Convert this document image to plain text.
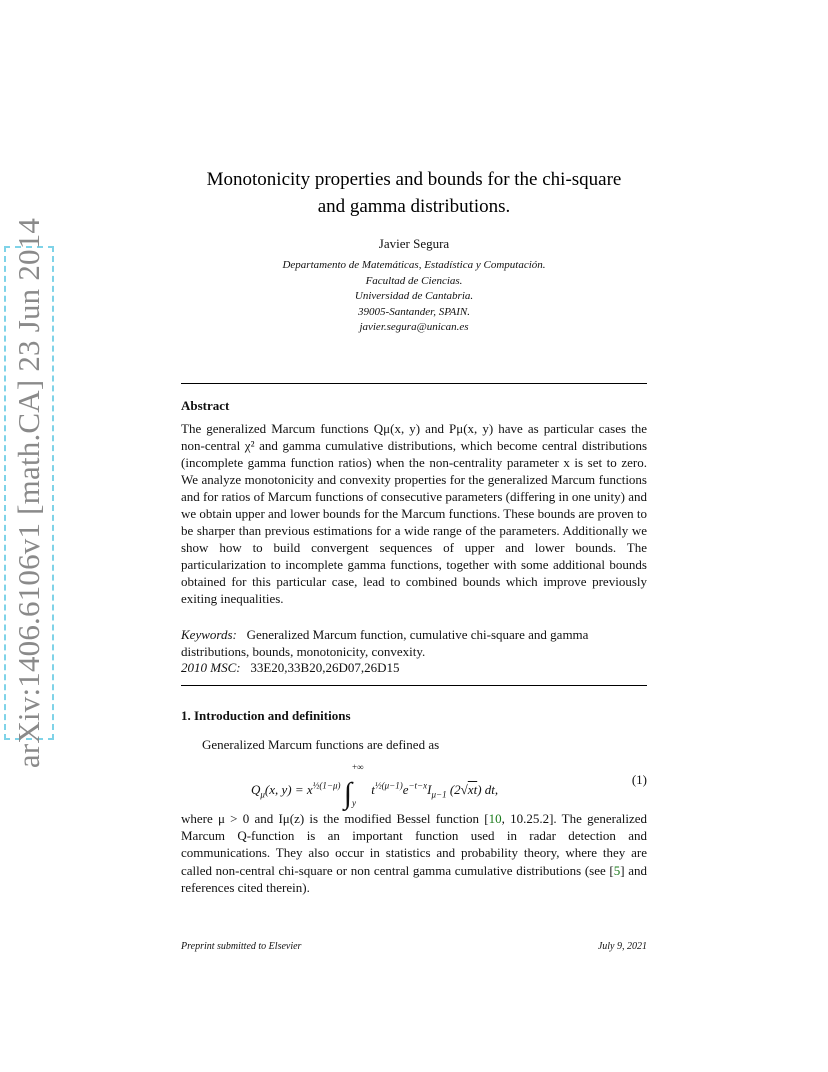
arXiv:1406.6106v1 [math.CA] 23 Jun 2014
Monotonicity properties and bounds for the chi-square
and gamma distributions.
Javier Segura
Departamento de Matemáticas, Estadística y Computación.
Facultad de Ciencias.
Universidad de Cantabria.
39005-Santander, SPAIN.
javier.segura@unican.es
Abstract
The generalized Marcum functions Qμ(x, y) and Pμ(x, y) have as particular cases the non-central χ² and gamma cumulative distributions, which become central distributions (incomplete gamma function ratios) when the non-centrality parameter x is set to zero. We analyze monotonicity and convexity properties for the generalized Marcum functions and for ratios of Marcum functions of consecutive parameters (differing in one unity) and we obtain upper and lower bounds for the Marcum functions. These bounds are proven to be sharper than previous estimations for a wide range of the parameters. Additionally we show how to build convergent sequences of upper and lower bounds. The particularization to incomplete gamma functions, together with some additional bounds obtained for this particular case, lead to combined bounds which improve previously exiting inequalities.
Keywords: Generalized Marcum function, cumulative chi-square and gamma distributions, bounds, monotonicity, convexity.
2010 MSC: 33E20,33B20,26D07,26D15
1. Introduction and definitions
Generalized Marcum functions are defined as
$Q_\mu(x$, $y) = x^{\frac{1}{2}(1-\mu)}$ ∫
+∞
y
$t^{\frac{1}{2}(\mu-1)}e^{-t-x}I_{\mu-1}$ (2√xt) dt,
(1)
where μ > 0 and Iμ(z) is the modified Bessel function [10, 10.25.2]. The generalized Marcum Q-function is an important function used in radar detection and communications. They also occur in statistics and probability theory, where they are called non-central chi-square or non central gamma cumulative distributions (see [5] and references cited therein).
Preprint submitted to Elsevier	July 9, 2021
